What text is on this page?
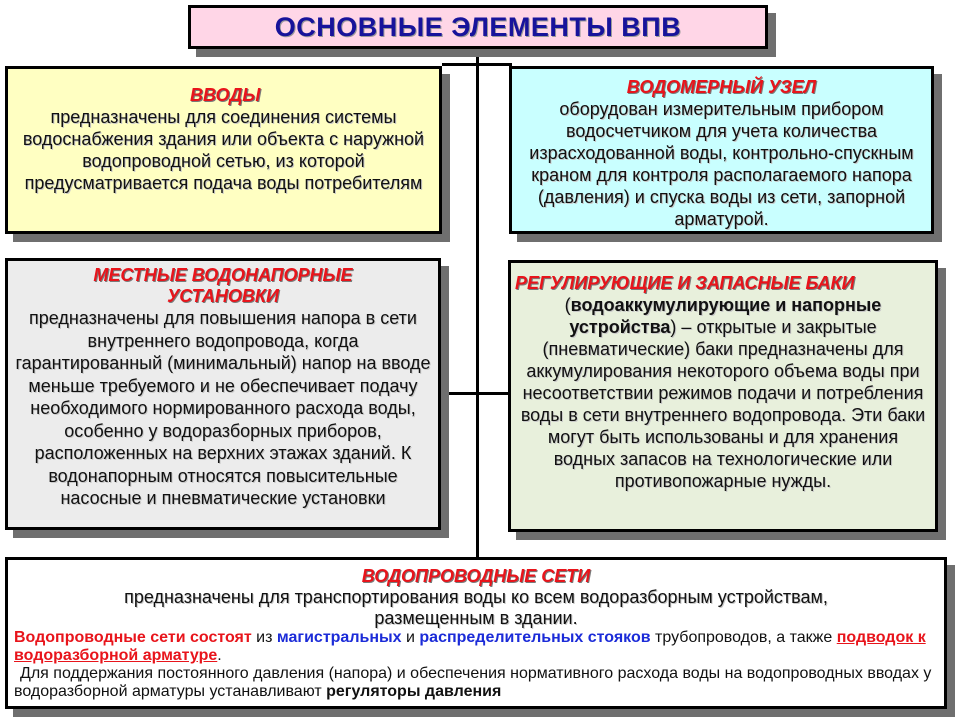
ОСНОВНЫЕ ЭЛЕМЕНТЫ ВПВ
ВВОДЫ
предназначены для соединения системы водоснабжения здания или объекта с наружной водопроводной сетью, из которой предусматривается подача воды потребителям
ВОДОМЕРНЫЙ УЗЕЛ
оборудован измерительным прибором водосчетчиком для учета количества израсходованной воды, контрольно-спускным краном для контроля располагаемого напора (давления) и спуска воды из сети, запорной арматурой.
МЕСТНЫЕ ВОДОНАПОРНЫЕ
УСТАНОВКИ
предназначены для повышения напора в сети внутреннего водопровода, когда гарантированный (минимальный) напор на вводе меньше требуемого и не обеспечивает подачу необходимого нормированного расхода воды, особенно у водоразборных приборов, расположенных на верхних этажах зданий. К водонапорным относятся повысительные насосные и пневматические установки
РЕГУЛИРУЮЩИЕ И ЗАПАСНЫЕ БАКИ
(водоаккумулирующие и напорные устройства) – открытые и закрытые (пневматические) баки предназначены для аккумулирования некоторого объема воды при несоответствии режимов подачи и потребления воды в сети внутреннего водопровода. Эти баки могут быть использованы и для хранения водных запасов на технологические или противопожарные нужды.
ВОДОПРОВОДНЫЕ СЕТИ
предназначены для транспортирования воды ко всем водоразборным устройствам, размещенным в здании.
Водопроводные сети состоят из магистральных и распределительных стояков трубопроводов, а также подводок к водоразборной арматуре.
Для поддержания постоянного давления (напора) и обеспечения нормативного расхода воды на водопроводных вводах у водоразборной арматуры устанавливают регуляторы давления
